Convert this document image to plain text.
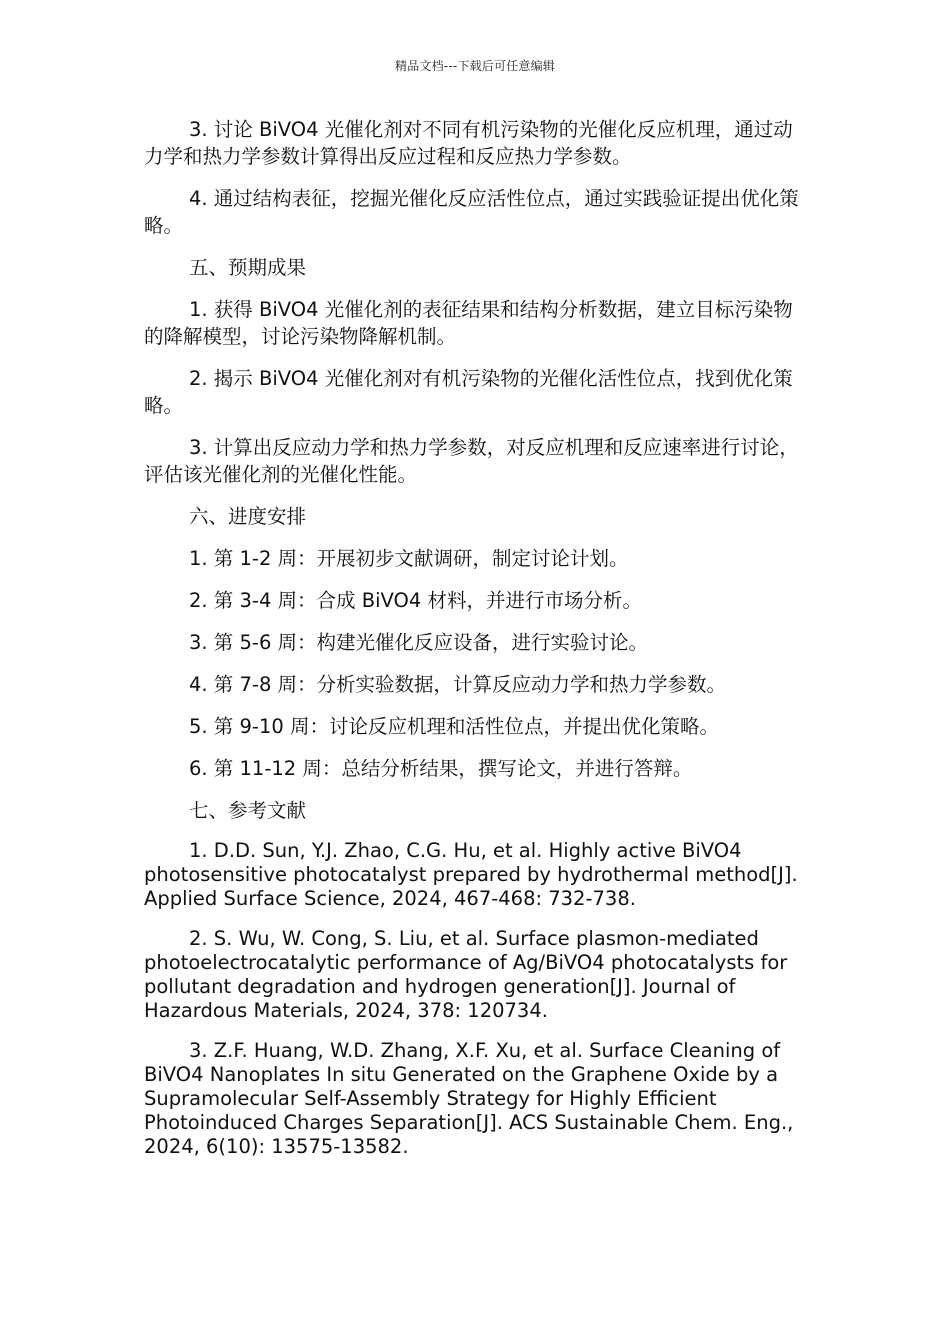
精品文档---下载后可任意编辑

3. 讨论 BiVO4 光催化剂对不同有机污染物的光催化反应机理，通过动力学和热力学参数计算得出反应过程和反应热力学参数。

4. 通过结构表征，挖掘光催化反应活性位点，通过实践验证提出优化策略。

五、预期成果

1. 获得 BiVO4 光催化剂的表征结果和结构分析数据，建立目标污染物的降解模型，讨论污染物降解机制。

2. 揭示 BiVO4 光催化剂对有机污染物的光催化活性位点，找到优化策略。

3. 计算出反应动力学和热力学参数，对反应机理和反应速率进行讨论，评估该光催化剂的光催化性能。

六、进度安排

1. 第 1-2 周：开展初步文献调研，制定讨论计划。

2. 第 3-4 周：合成 BiVO4 材料，并进行市场分析。

3. 第 5-6 周：构建光催化反应设备，进行实验讨论。

4. 第 7-8 周：分析实验数据，计算反应动力学和热力学参数。

5. 第 9-10 周：讨论反应机理和活性位点，并提出优化策略。

6. 第 11-12 周：总结分析结果，撰写论文，并进行答辩。

七、参考文献

1. D.D. Sun, Y.J. Zhao, C.G. Hu, et al. Highly active BiVO4 photosensitive photocatalyst prepared by hydrothermal method[J]. Applied Surface Science, 2024, 467-468: 732-738.

2. S. Wu, W. Cong, S. Liu, et al. Surface plasmon-mediated photoelectrocatalytic performance of Ag/BiVO4 photocatalysts for pollutant degradation and hydrogen generation[J]. Journal of Hazardous Materials, 2024, 378: 120734.

3. Z.F. Huang, W.D. Zhang, X.F. Xu, et al. Surface Cleaning of BiVO4 Nanoplates In situ Generated on the Graphene Oxide by a Supramolecular Self-Assembly Strategy for Highly Efficient Photoinduced Charges Separation[J]. ACS Sustainable Chem. Eng., 2024, 6(10): 13575-13582.
